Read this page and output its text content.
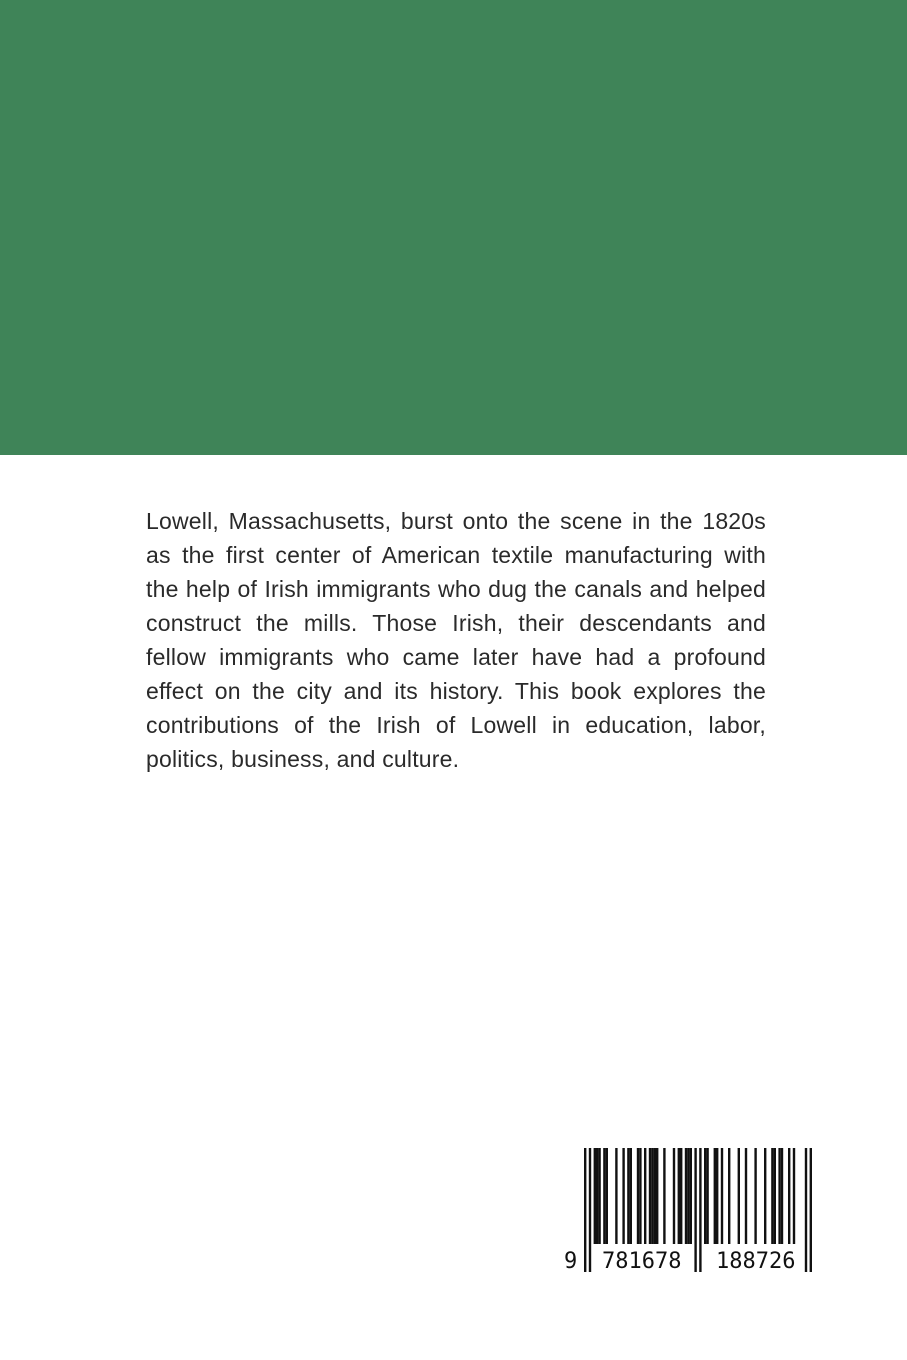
Lowell, Massachusetts, burst onto the scene in the 1820s as the first center of American textile manufacturing with the help of Irish immigrants who dug the canals and helped construct the mills. Those Irish, their descendants and fellow immigrants who came later have had a profound effect on the city and its history. This book explores the contributions of the Irish of Lowell in education, labor, politics, business, and culture.

9 781678 188726
